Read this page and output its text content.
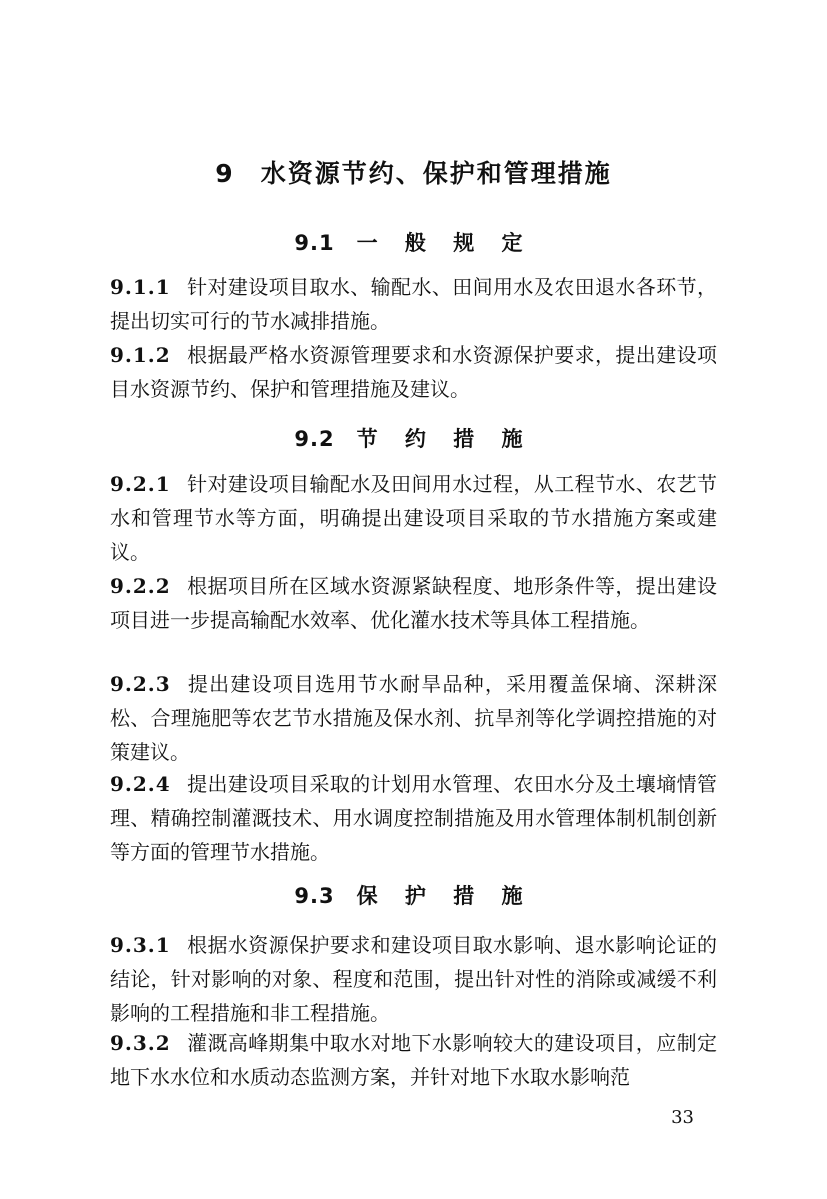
9 水资源节约、保护和管理措施
9.1 一 般 规 定
9.1.1 针对建设项目取水、输配水、田间用水及农田退水各环节，提出切实可行的节水减排措施。
9.1.2 根据最严格水资源管理要求和水资源保护要求，提出建设项目水资源节约、保护和管理措施及建议。
9.2 节 约 措 施
9.2.1 针对建设项目输配水及田间用水过程，从工程节水、农艺节水和管理节水等方面，明确提出建设项目采取的节水措施方案或建议。
9.2.2 根据项目所在区域水资源紧缺程度、地形条件等，提出建设项目进一步提高输配水效率、优化灌水技术等具体工程措施。
9.2.3 提出建设项目选用节水耐旱品种，采用覆盖保墒、深耕深松、合理施肥等农艺节水措施及保水剂、抗旱剂等化学调控措施的对策建议。
9.2.4 提出建设项目采取的计划用水管理、农田水分及土壤墒情管理、精确控制灌溉技术、用水调度控制措施及用水管理体制机制创新等方面的管理节水措施。
9.3 保 护 措 施
9.3.1 根据水资源保护要求和建设项目取水影响、退水影响论证的结论，针对影响的对象、程度和范围，提出针对性的消除或减缓不利影响的工程措施和非工程措施。
9.3.2 灌溉高峰期集中取水对地下水影响较大的建设项目，应制定地下水水位和水质动态监测方案，并针对地下水取水影响范
33
